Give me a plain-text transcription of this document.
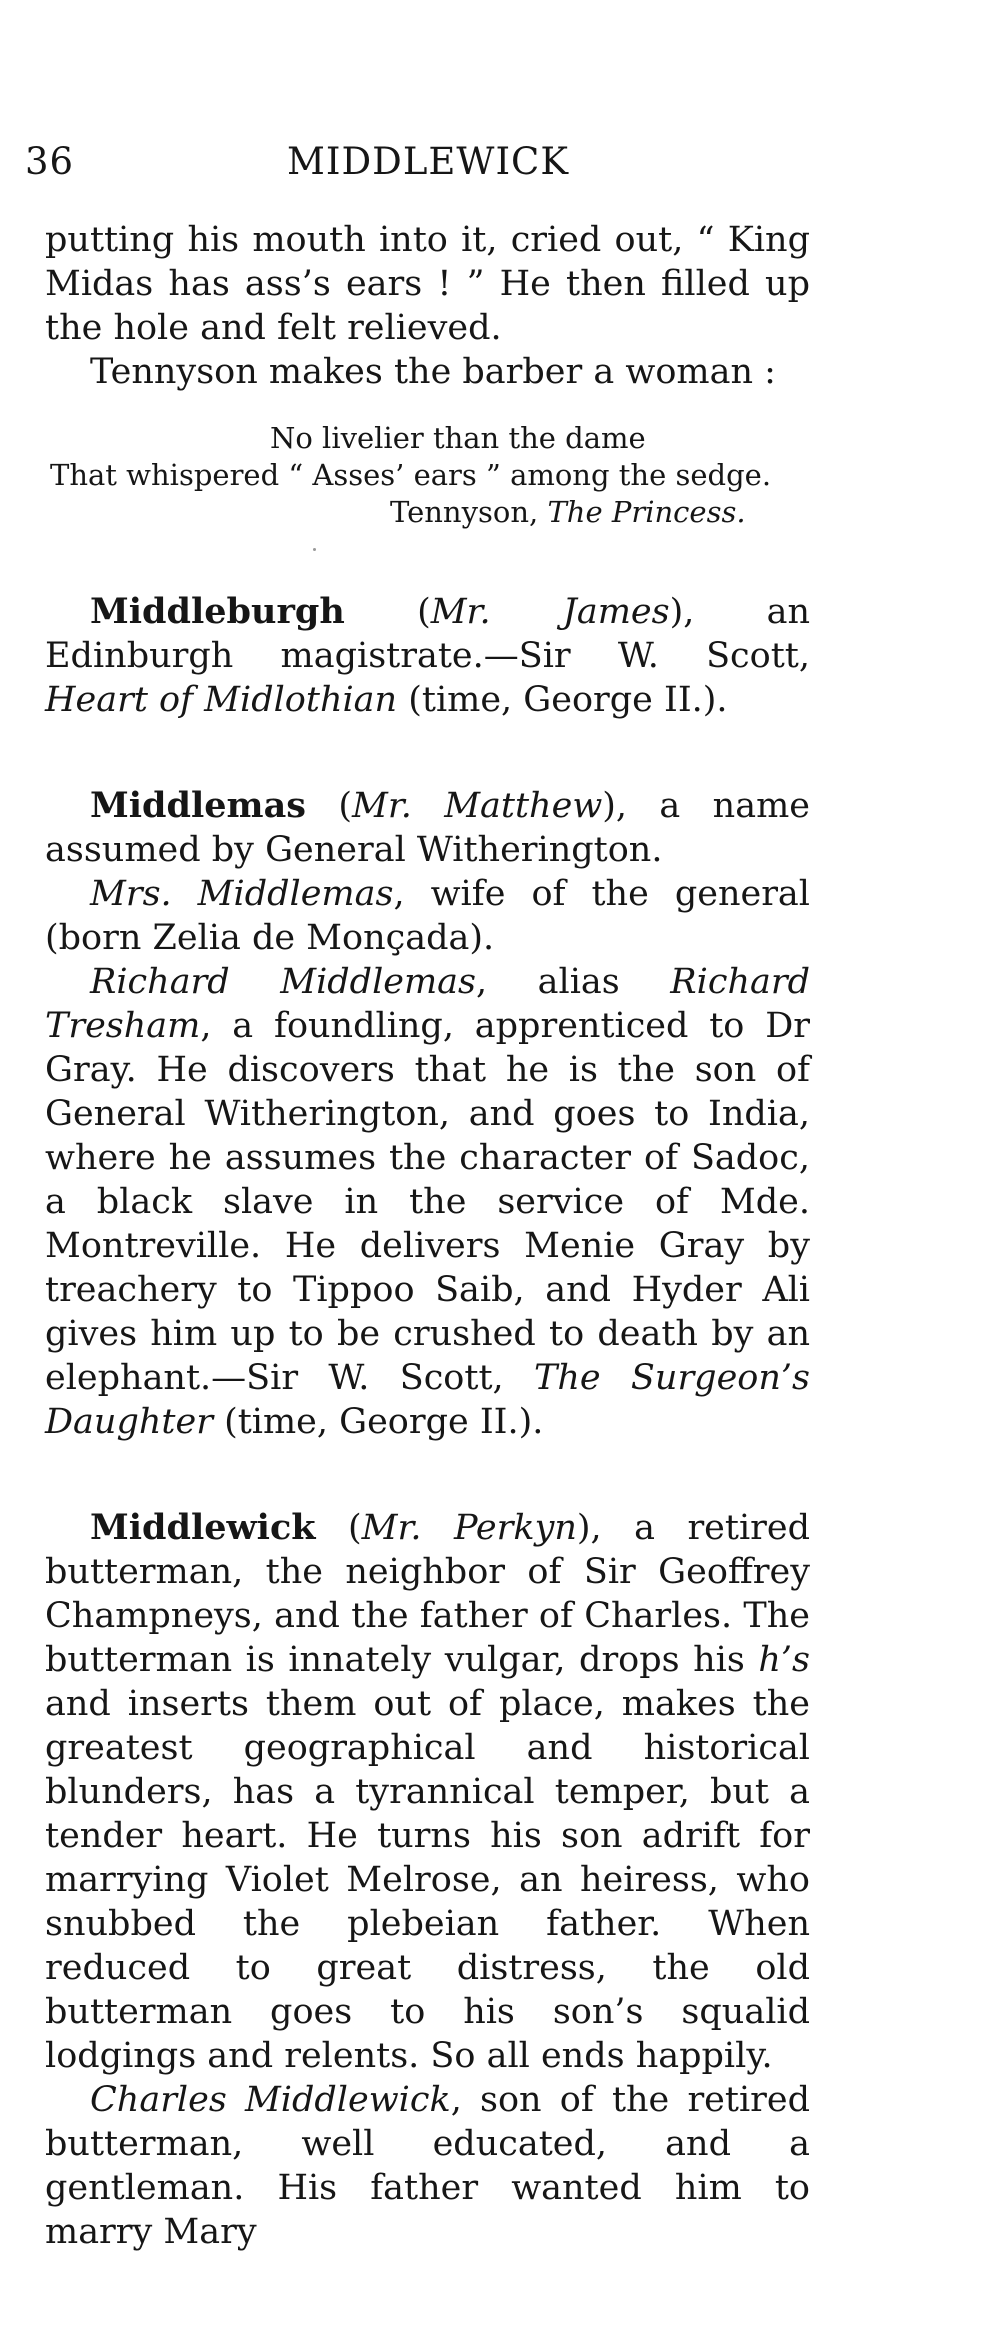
36	MIDDLEWICK

putting his mouth into it, cried out, “ King Midas has ass’s ears ! ” He then filled up the hole and felt relieved.

Tennyson makes the barber a woman :

No livelier than the dame
That whispered “ Asses’ ears ” among the sedge.
Tennyson, The Princess.

Middleburgh (Mr. James), an Edinburgh magistrate.—Sir W. Scott, Heart of Midlothian (time, George II.).

Middlemas (Mr. Matthew), a name assumed by General Witherington.

Mrs. Middlemas, wife of the general (born Zelia de Monçada).

Richard Middlemas, alias Richard Tresham, a foundling, apprenticed to Dr Gray. He discovers that he is the son of General Witherington, and goes to India, where he assumes the character of Sadoc, a black slave in the service of Mde. Montreville. He delivers Menie Gray by treachery to Tippoo Saib, and Hyder Ali gives him up to be crushed to death by an elephant.—Sir W. Scott, The Surgeon’s Daughter (time, George II.).

Middlewick (Mr. Perkyn), a retired butterman, the neighbor of Sir Geoffrey Champneys, and the father of Charles. The butterman is innately vulgar, drops his h’s and inserts them out of place, makes the greatest geographical and historical blunders, has a tyrannical temper, but a tender heart. He turns his son adrift for marrying Violet Melrose, an heiress, who snubbed the plebeian father. When reduced to great distress, the old butterman goes to his son’s squalid lodgings and relents. So all ends happily.

Charles Middlewick, son of the retired butterman, well educated, and a gentleman. His father wanted him to marry Mary
